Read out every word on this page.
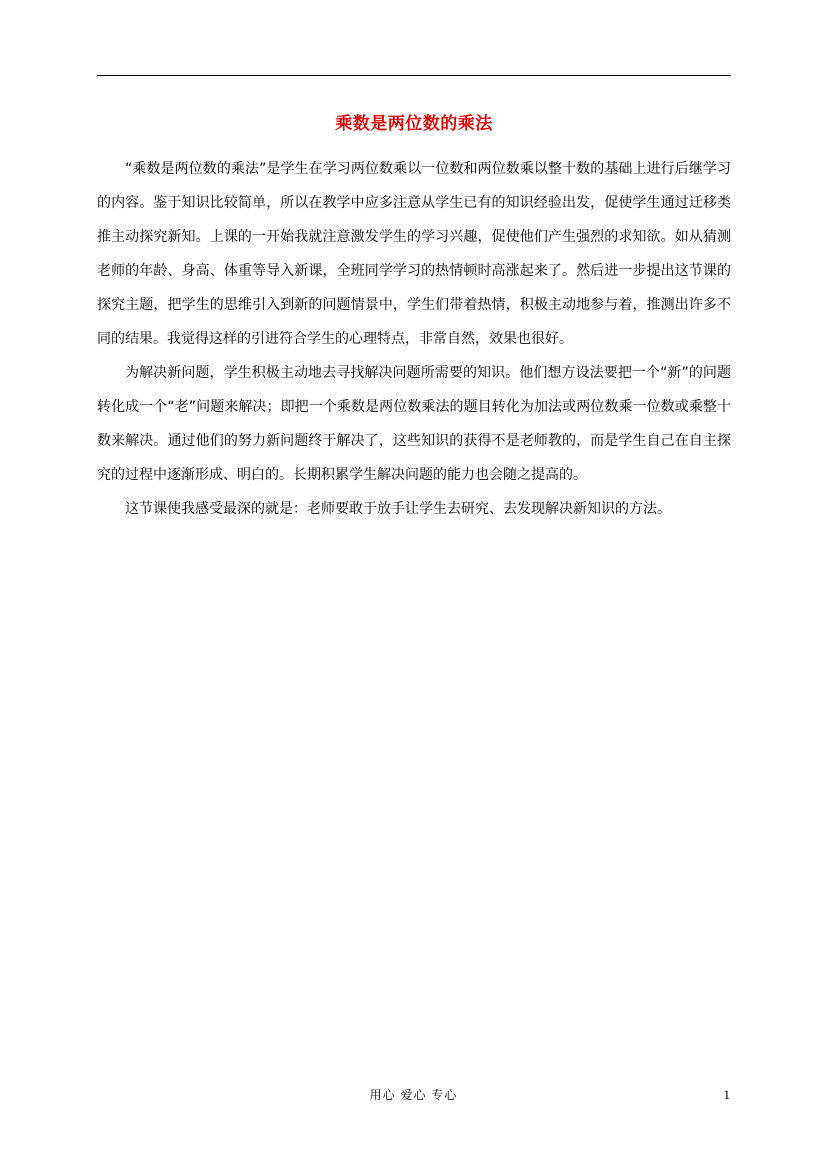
乘数是两位数的乘法

“乘数是两位数的乘法”是学生在学习两位数乘以一位数和两位数乘以整十数的基础上进行后继学习的内容。鉴于知识比较简单，所以在教学中应多注意从学生已有的知识经验出发，促使学生通过迁移类推主动探究新知。上课的一开始我就注意激发学生的学习兴趣，促使他们产生强烈的求知欲。如从猜测老师的年龄、身高、体重等导入新课，全班同学学习的热情顿时高涨起来了。然后进一步提出这节课的探究主题，把学生的思维引入到新的问题情景中，学生们带着热情，积极主动地参与着，推测出许多不同的结果。我觉得这样的引进符合学生的心理特点，非常自然，效果也很好。

为解决新问题，学生积极主动地去寻找解决问题所需要的知识。他们想方设法要把一个“新”的问题转化成一个“老”问题来解决；即把一个乘数是两位数乘法的题目转化为加法或两位数乘一位数或乘整十数来解决。通过他们的努力新问题终于解决了，这些知识的获得不是老师教的，而是学生自己在自主探究的过程中逐渐形成、明白的。长期积累学生解决问题的能力也会随之提高的。

这节课使我感受最深的就是：老师要敢于放手让学生去研究、去发现解决新知识的方法。

用心 爱心 专心	1
